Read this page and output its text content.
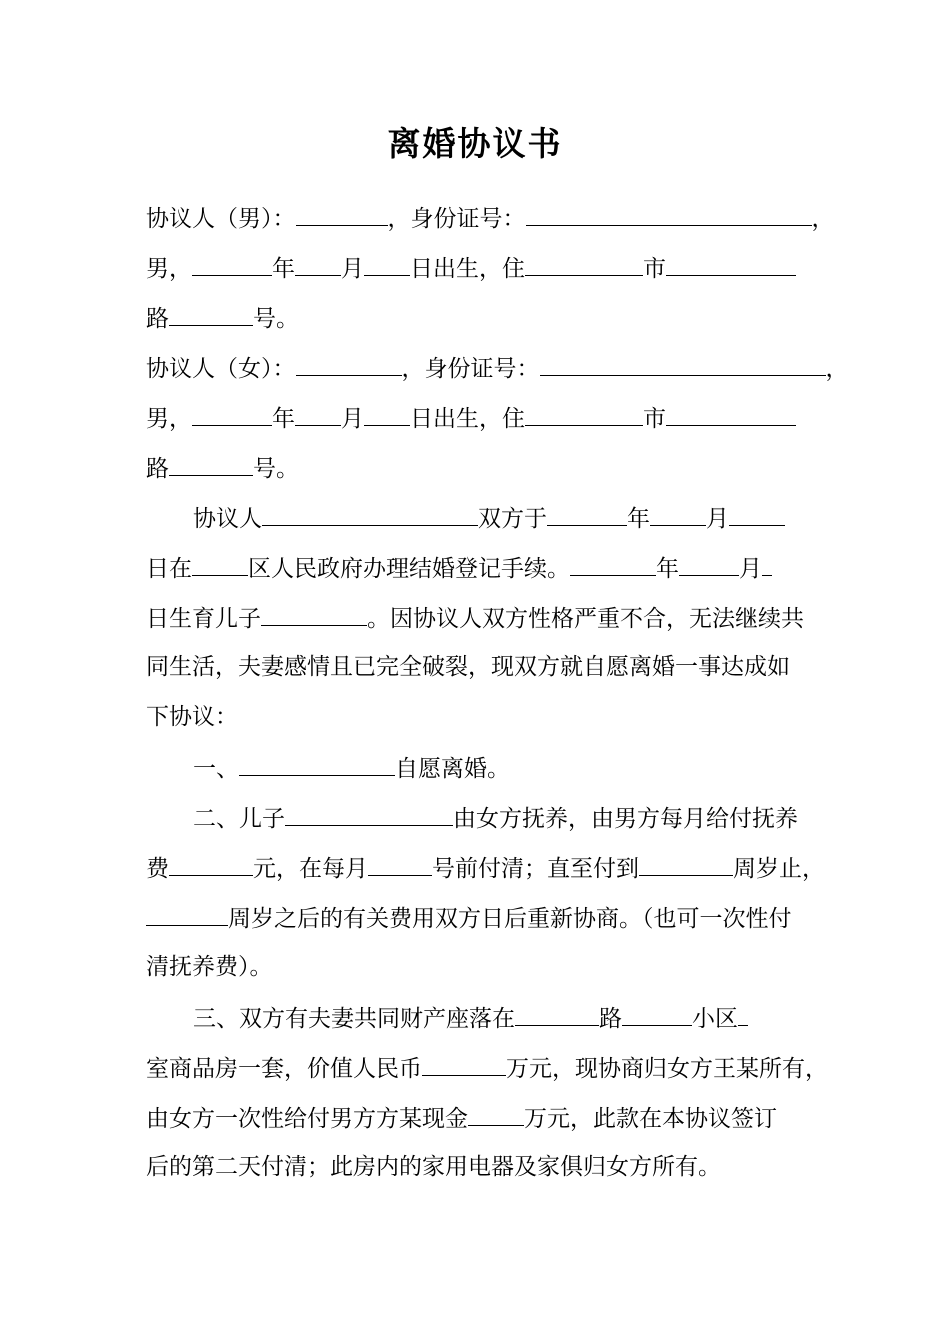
离婚协议书
协议人（男）：	，身份证号：	，
男，	年 月 日出生，住	市
路	号。
协议人（女）：	，身份证号：	，
男，	年 月 日出生，住	市
路	号。
协议人	双方于	年 月
日在 区人民政府办理结婚登记手续。	年	月
日生育儿子	。因协议人双方性格严重不合，无法继续共
同生活，夫妻感情且已完全破裂，现双方就自愿离婚一事达成如
下协议：
一、	自愿离婚。
二、儿子	由女方抚养，由男方每月给付抚养
费	元，在每月	号前付清；直至付到	周岁止，
周岁之后的有关费用双方日后重新协商。（也可一次性付
清抚养费）。
三、双方有夫妻共同财产座落在	路	小区
室商品房一套，价值人民币	万元，现协商归女方王某所有，
由女方一次性给付男方方某现金 万元，此款在本协议签订
后的第二天付清；此房内的家用电器及家俱归女方所有。
